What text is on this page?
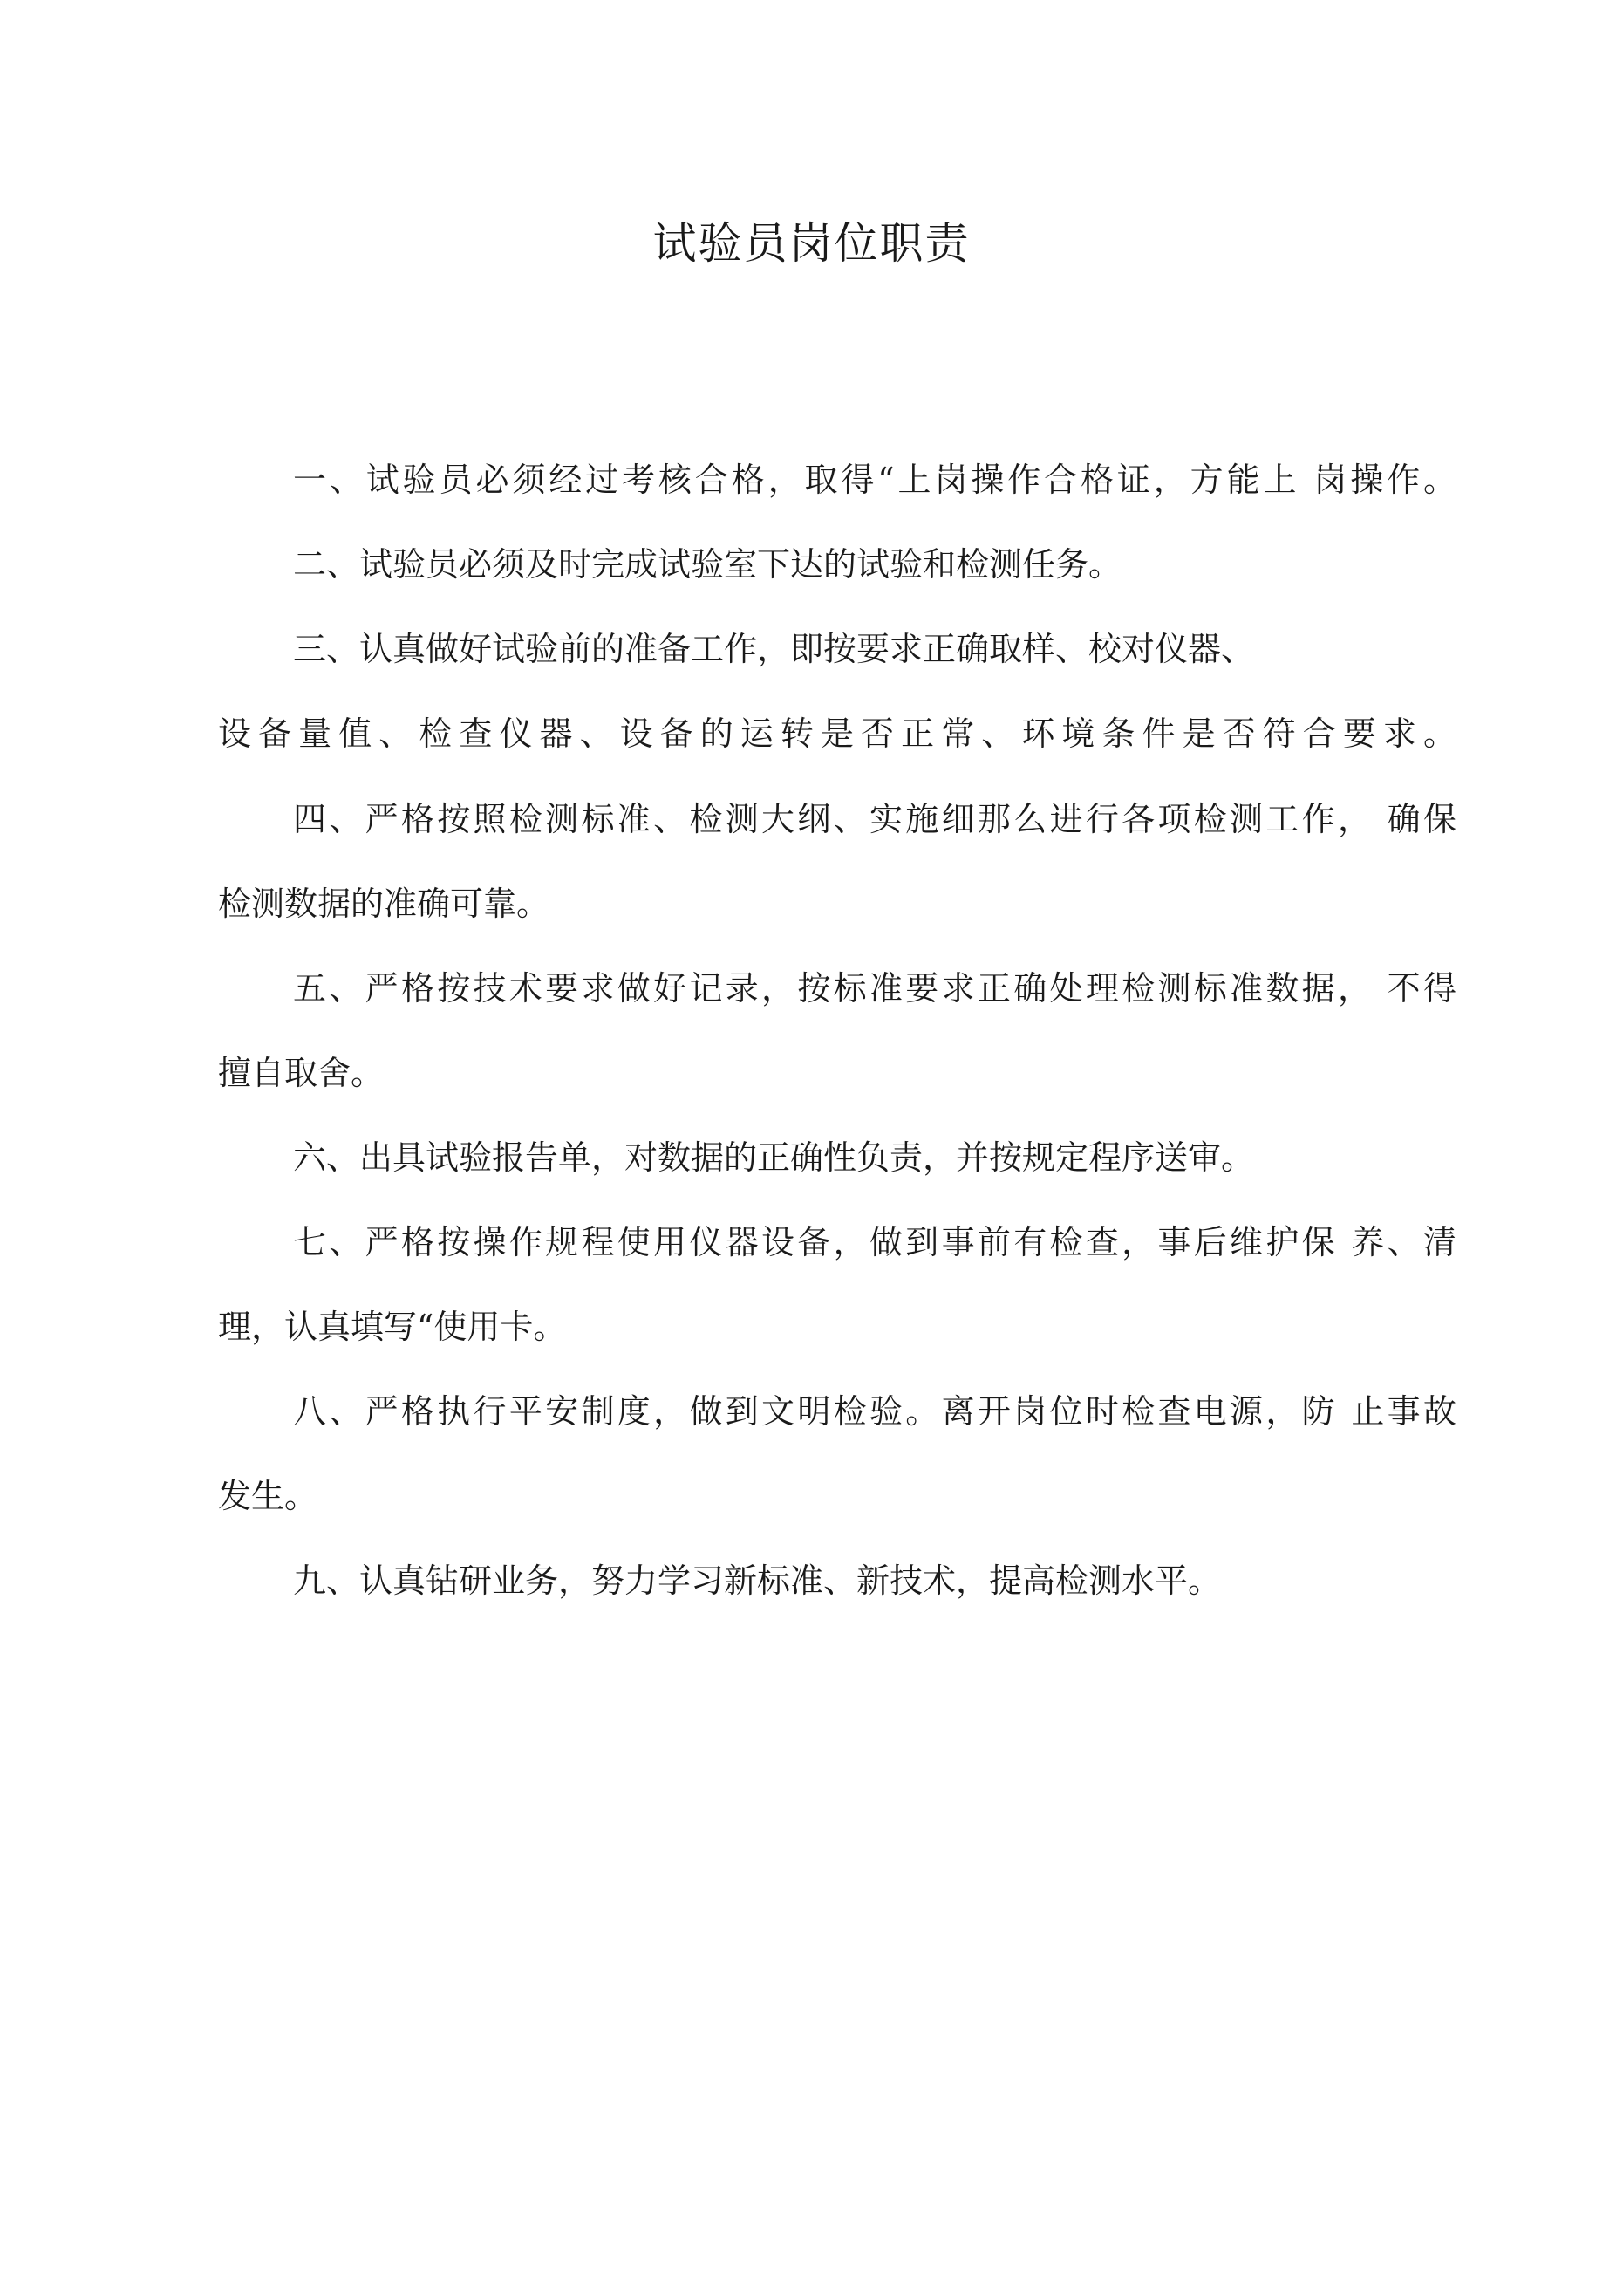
试验员岗位职责

一、试验员必须经过考核合格，取得“上岗操作合格证，方能上 岗操作。

二、试验员必须及时完成试验室下达的试验和检测任务。

三、认真做好试验前的准备工作，即按要求正确取样、校对仪器、

设备量值、检查仪器、设备的运转是否正常、环境条件是否符合要求。

四、严格按照检测标准、检测大纲、实施细那么进行各项检测工作， 确保

检测数据的准确可靠。

五、严格按技术要求做好记录，按标准要求正确处理检测标准数据， 不得

擅自取舍。

六、出具试验报告单，对数据的正确性负责，并按规定程序送审。

七、严格按操作规程使用仪器设备，做到事前有检查，事后维护保 养、清

理，认真填写“使用卡。

八、严格执行平安制度，做到文明检验。离开岗位时检查电源，防 止事故

发生。

九、认真钻研业务，努力学习新标准、新技术，提高检测水平。
